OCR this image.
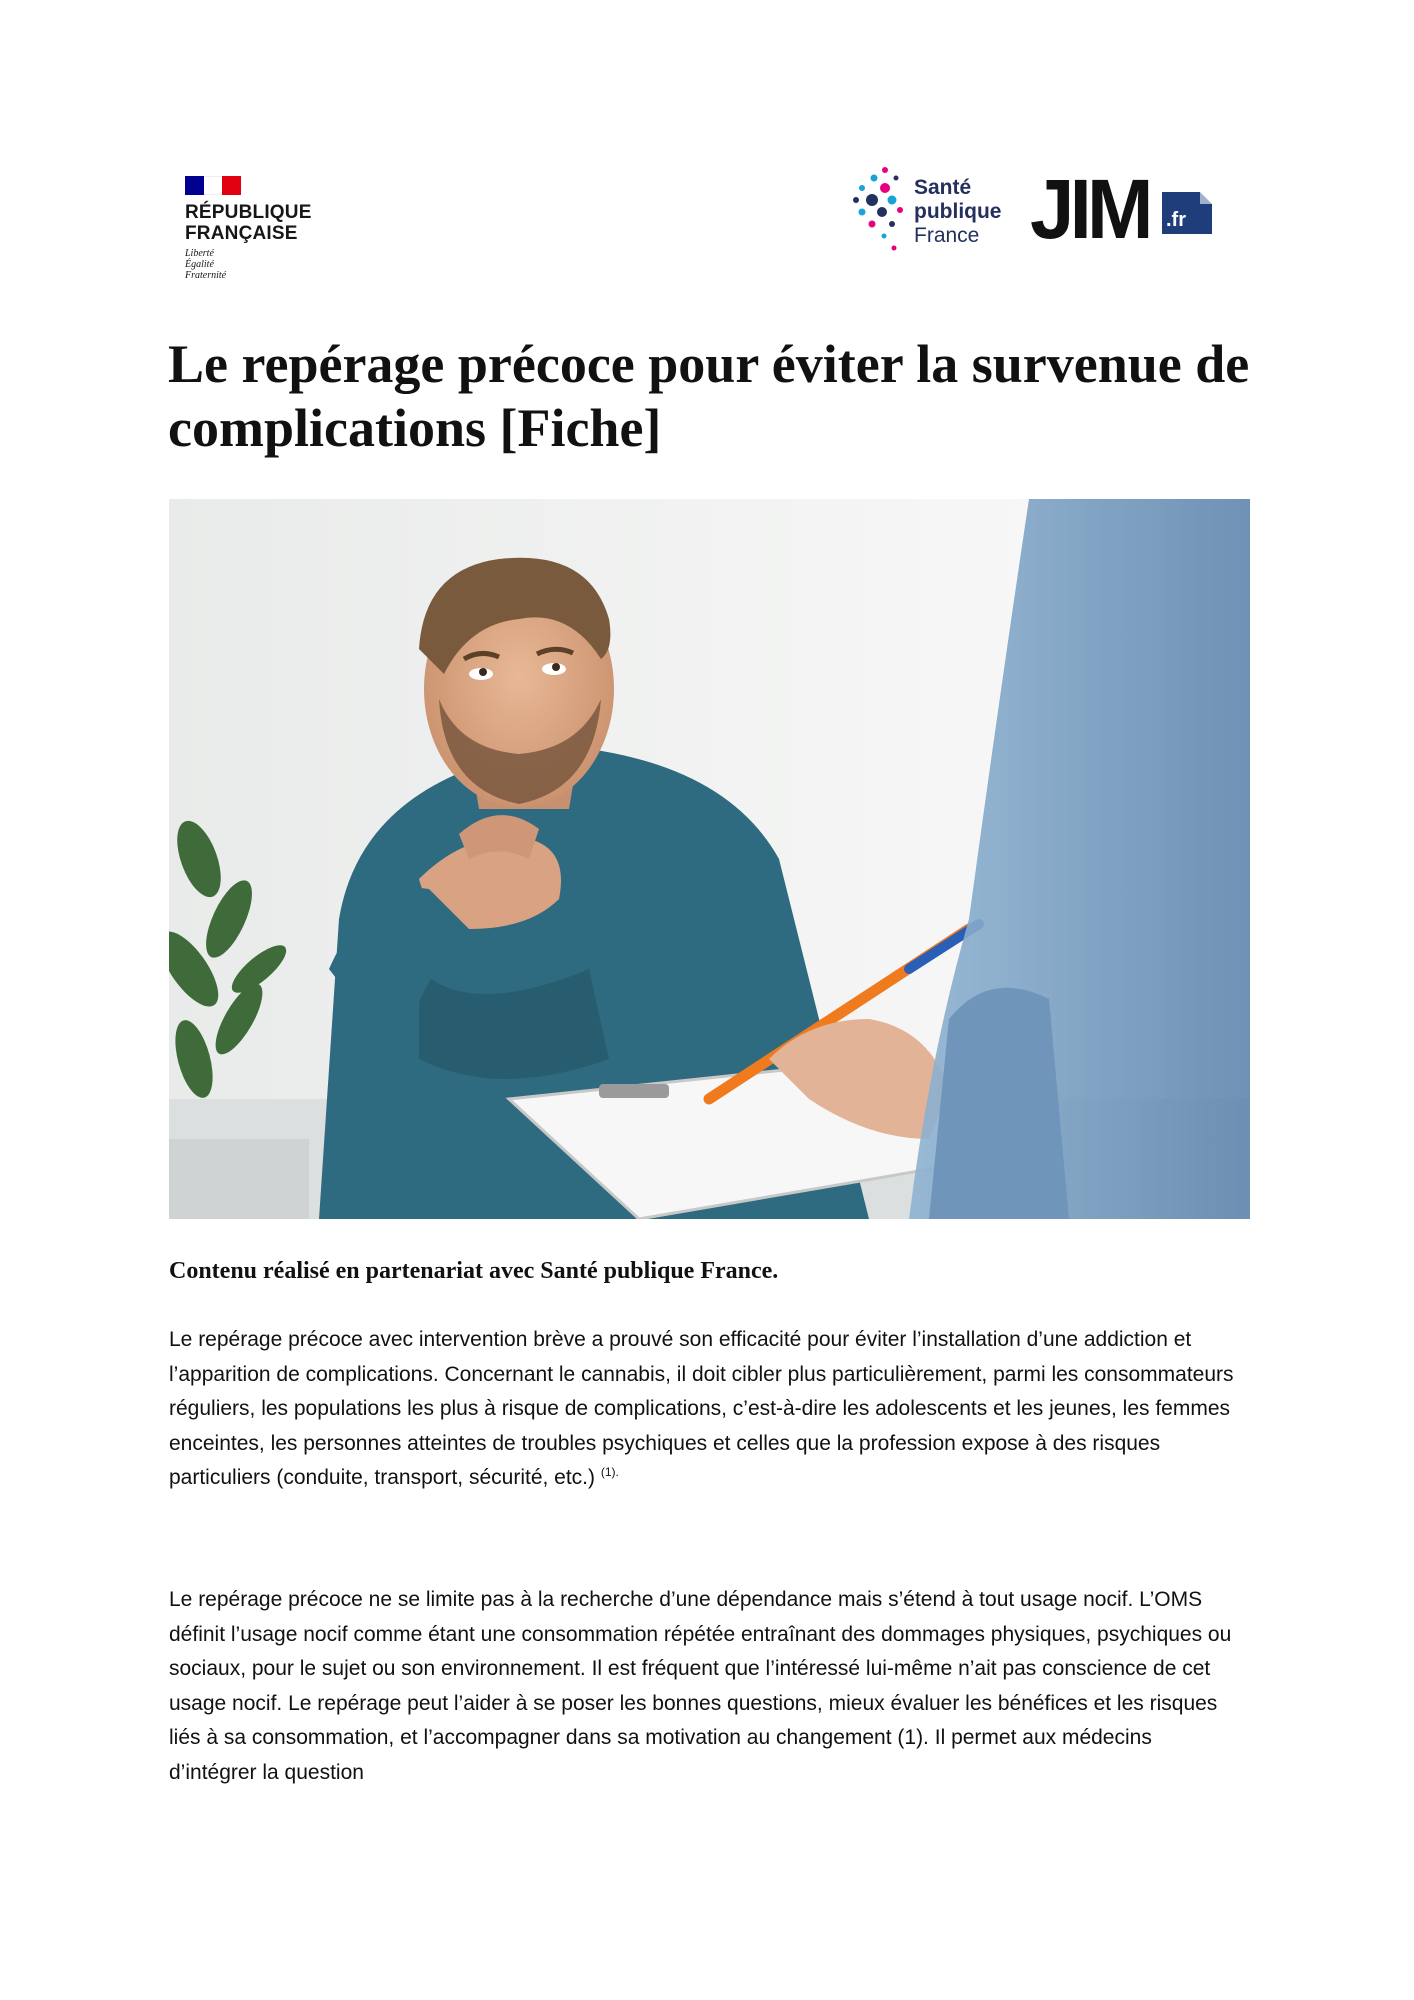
RÉPUBLIQUE
FRANÇAISE
Liberté
Égalité
Fraternité
Santé
publique
France JIM .fr
Le repérage précoce pour éviter la survenue de complications [Fiche]

Contenu réalisé en partenariat avec Santé publique France.

Le repérage précoce avec intervention brève a prouvé son efficacité pour éviter l’installation d’une addiction et l’apparition de complications. Concernant le cannabis, il doit cibler plus particulièrement, parmi les consommateurs réguliers, les populations les plus à risque de complications, c’est-à-dire les adolescents et les jeunes, les femmes enceintes, les personnes atteintes de troubles psychiques et celles que la profession expose à des risques particuliers (conduite, transport, sécurité, etc.) $^{(1).}$

Le repérage précoce ne se limite pas à la recherche d’une dépendance mais s’étend à tout usage nocif. L’OMS définit l’usage nocif comme étant une consommation répétée entraînant des dommages physiques, psychiques ou sociaux, pour le sujet ou son environnement. Il est fréquent que l’intéressé lui-même n’ait pas conscience de cet usage nocif. Le repérage peut l’aider à se poser les bonnes questions, mieux évaluer les bénéfices et les risques liés à sa consommation, et l’accompagner dans sa motivation au changement (1). Il permet aux médecins d’intégrer la question
